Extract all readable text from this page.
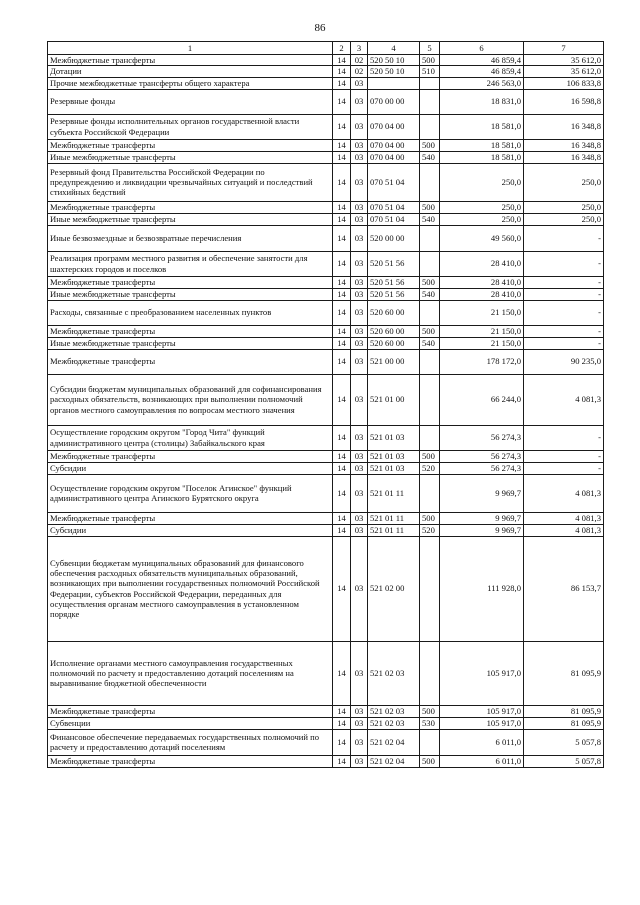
86
1	2	3	4	5	6	7
Межбюджетные трансферты	14	02	520 50 10	500	46 859,4	35 612,0
Дотации	14	02	520 50 10	510	46 859,4	35 612,0
Прочие межбюджетные трансферты общего характера	14	03			246 563,0	106 833,8
Резервные фонды	14	03	070 00 00		18 831,0	16 598,8
Резервные фонды исполнительных органов государственной власти субъекта Российской Федерации	14	03	070 04 00		18 581,0	16 348,8
Межбюджетные трансферты	14	03	070 04 00	500	18 581,0	16 348,8
Иные межбюджетные трансферты	14	03	070 04 00	540	18 581,0	16 348,8
Резервный фонд Правительства Российской Федерации по предупреждению и ликвидации чрезвычайных ситуаций и последствий стихийных бедствий	14	03	070 51 04		250,0	250,0
Межбюджетные трансферты	14	03	070 51 04	500	250,0	250,0
Иные межбюджетные трансферты	14	03	070 51 04	540	250,0	250,0
Иные безвозмездные и безвозвратные перечисления	14	03	520 00 00		49 560,0	-
Реализация программ местного развития и обеспечение занятости для шахтерских городов и поселков	14	03	520 51 56		28 410,0	-
Межбюджетные трансферты	14	03	520 51 56	500	28 410,0	-
Иные межбюджетные трансферты	14	03	520 51 56	540	28 410,0	-
Расходы, связанные с преобразованием населенных пунктов	14	03	520 60 00		21 150,0	-
Межбюджетные трансферты	14	03	520 60 00	500	21 150,0	-
Иные межбюджетные трансферты	14	03	520 60 00	540	21 150,0	-
Межбюджетные трансферты	14	03	521 00 00		178 172,0	90 235,0
Субсидии бюджетам муниципальных образований для софинансирования расходных обязательств, возникающих при выполнении полномочий органов местного самоуправления по вопросам местного значения	14	03	521 01 00		66 244,0	4 081,3
Осуществление городским округом "Город Чита" функций административного центра (столицы) Забайкальского края	14	03	521 01 03		56 274,3	-
Межбюджетные трансферты	14	03	521 01 03	500	56 274,3	-
Субсидии	14	03	521 01 03	520	56 274,3	-
Осуществление городским округом "Поселок Агинское" функций административного центра Агинского Бурятского округа	14	03	521 01 11		9 969,7	4 081,3
Межбюджетные трансферты	14	03	521 01 11	500	9 969,7	4 081,3
Субсидии	14	03	521 01 11	520	9 969,7	4 081,3
Субвенции бюджетам муниципальных образований для финансового обеспечения расходных обязательств муниципальных образований, возникающих при выполнении государственных полномочий Российской Федерации, субъектов Российской Федерации, переданных для осуществления органам местного самоуправления в установленном порядке	14	03	521 02 00		111 928,0	86 153,7
Исполнение органами местного самоуправления государственных полномочий по расчету и предоставлению дотаций поселениям на выравнивание бюджетной обеспеченности	14	03	521 02 03		105 917,0	81 095,9
Межбюджетные трансферты	14	03	521 02 03	500	105 917,0	81 095,9
Субвенции	14	03	521 02 03	530	105 917,0	81 095,9
Финансовое обеспечение передаваемых государственных полномочий по расчету и предоставлению дотаций поселениям	14	03	521 02 04		6 011,0	5 057,8
Межбюджетные трансферты	14	03	521 02 04	500	6 011,0	5 057,8
